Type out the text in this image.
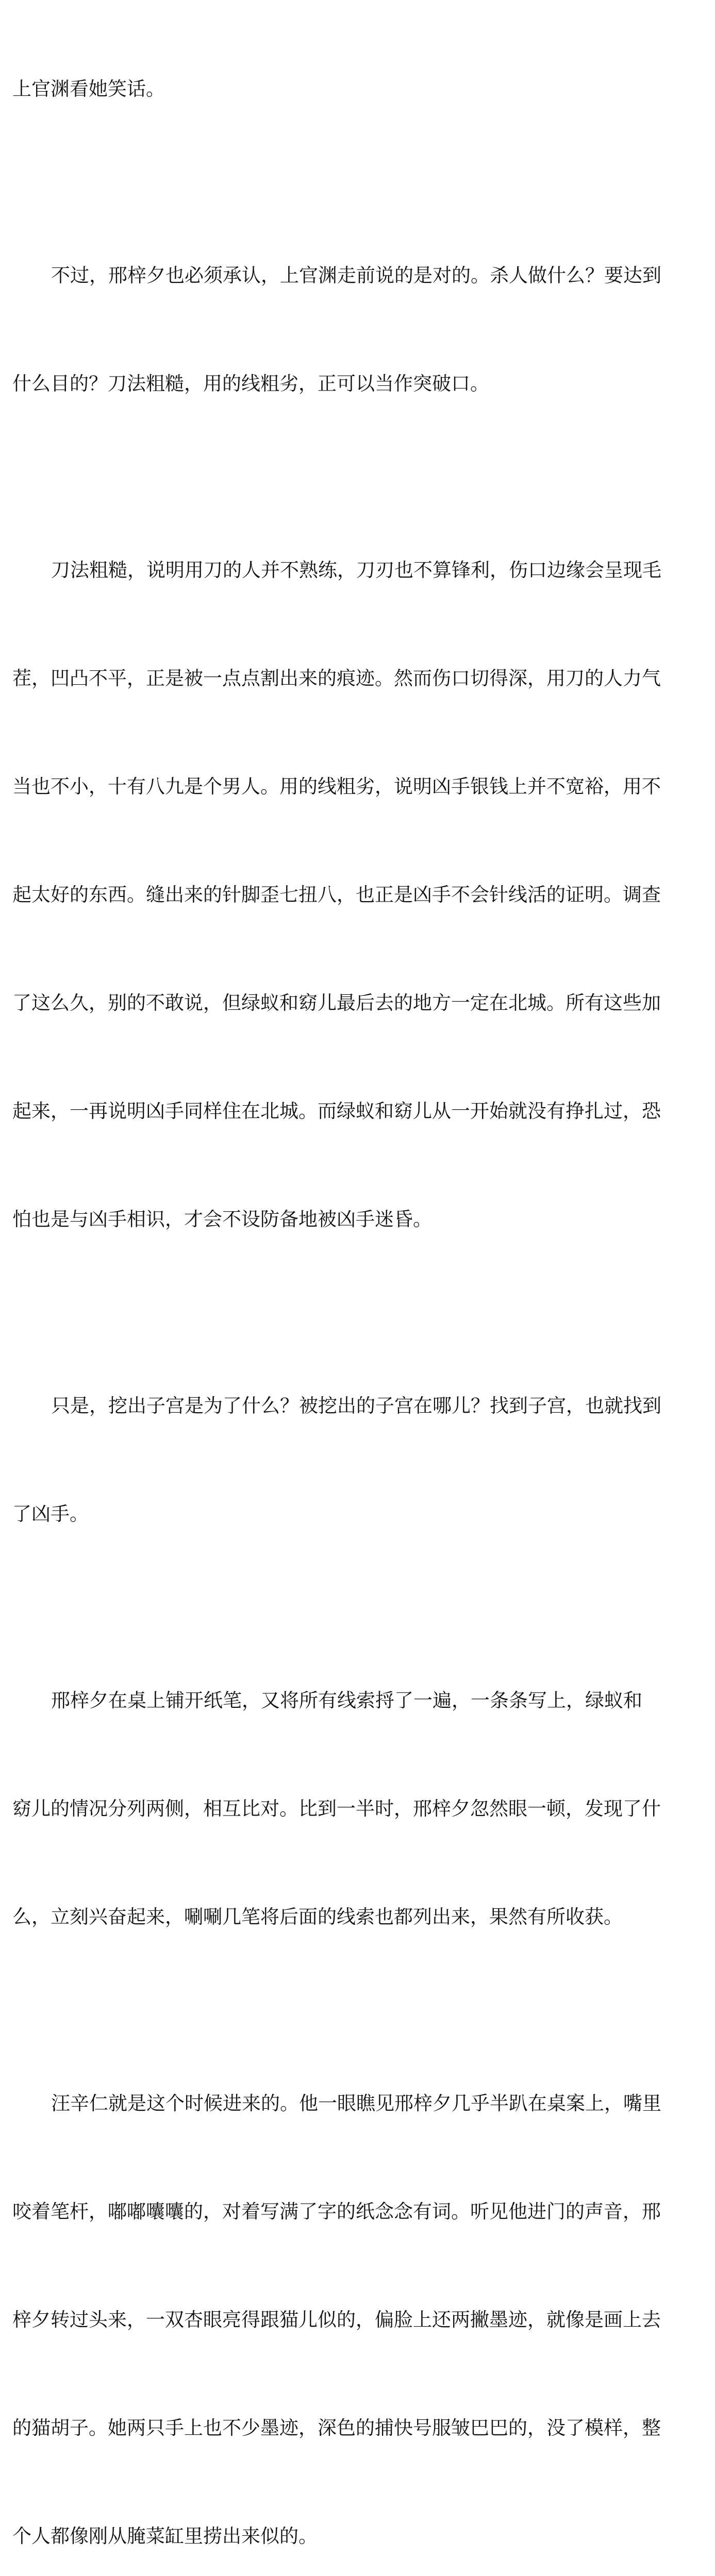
上官渊看她笑话。

不过，邢梓夕也必须承认，上官渊走前说的是对的。杀人做什么？要达到

什么目的？刀法粗糙，用的线粗劣，正可以当作突破口。

刀法粗糙，说明用刀的人并不熟练，刀刃也不算锋利，伤口边缘会呈现毛

茬，凹凸不平，正是被一点点割出来的痕迹。然而伤口切得深，用刀的人力气

当也不小，十有八九是个男人。用的线粗劣，说明凶手银钱上并不宽裕，用不

起太好的东西。缝出来的针脚歪七扭八，也正是凶手不会针线活的证明。调查

了这么久，别的不敢说，但绿蚁和窈儿最后去的地方一定在北城。所有这些加

起来，一再说明凶手同样住在北城。而绿蚁和窈儿从一开始就没有挣扎过，恐

怕也是与凶手相识，才会不设防备地被凶手迷昏。

只是，挖出子宫是为了什么？被挖出的子宫在哪儿？找到子宫，也就找到

了凶手。

邢梓夕在桌上铺开纸笔，又将所有线索捋了一遍，一条条写上，绿蚁和

窈儿的情况分列两侧，相互比对。比到一半时，邢梓夕忽然眼一顿，发现了什

么，立刻兴奋起来，唰唰几笔将后面的线索也都列出来，果然有所收获。

汪辛仁就是这个时候进来的。他一眼瞧见邢梓夕几乎半趴在桌案上，嘴里

咬着笔杆，嘟嘟囔囔的，对着写满了字的纸念念有词。听见他进门的声音，邢

梓夕转过头来，一双杏眼亮得跟猫儿似的，偏脸上还两撇墨迹，就像是画上去

的猫胡子。她两只手上也不少墨迹，深色的捕快号服皱巴巴的，没了模样，整

个人都像刚从腌菜缸里捞出来似的。
